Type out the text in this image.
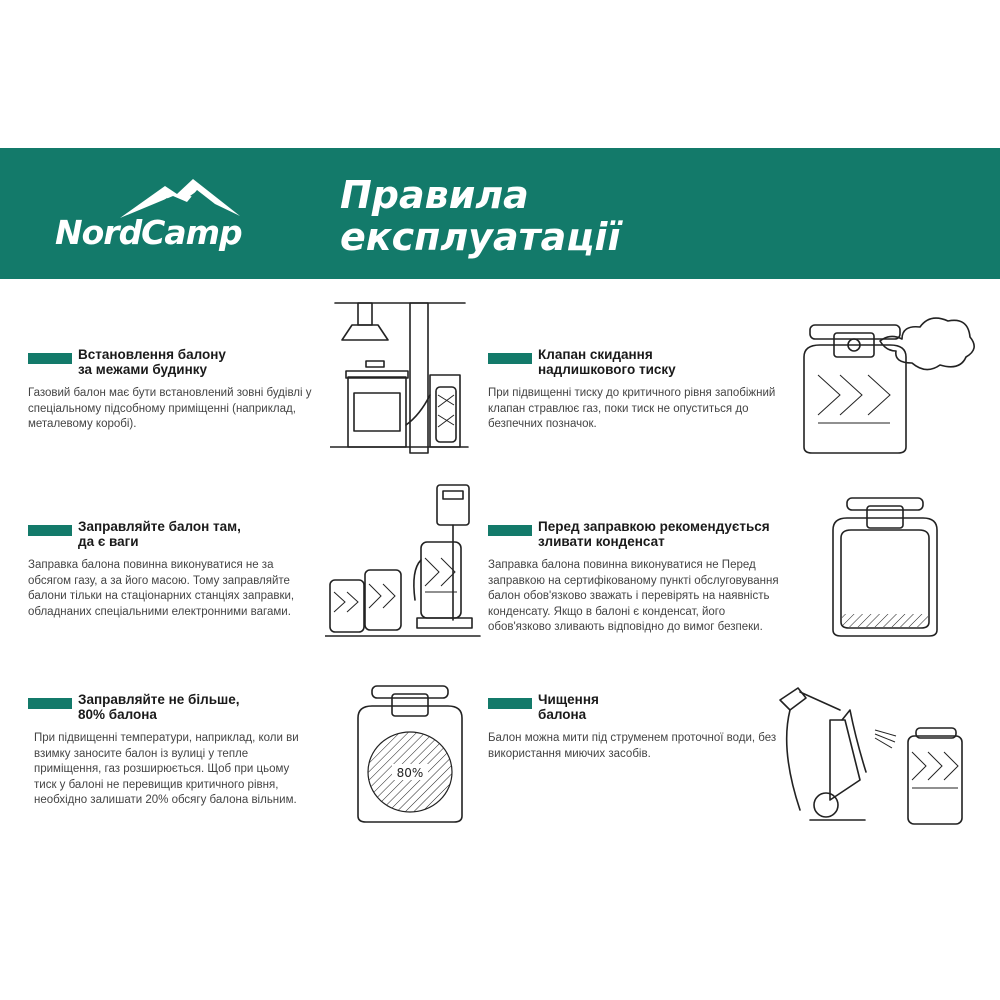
NordCamp
Правила
експлуатації
Встановлення балону
за межами будинку
Газовий балон має бути встановлений зовні будівлі у спеціальному підсобному приміщенні (наприклад, металевому коробі).
Клапан скидання
надлишкового тиску
При підвищенні тиску до критичного рівня запобіжний клапан стравлює газ, поки тиск не опуститься до безпечних позначок.
Заправляйте балон там,
да є ваги
Заправка балона повинна виконуватися не за обсягом газу, а за його масою. Тому заправляйте балони тільки на стаціонарних станціях заправки, обладнаних спеціальними електронними вагами.
Перед заправкою рекомендується
зливати конденсат
Заправка балона повинна виконуватися не Перед заправкою на сертифікованому пункті обслуговування балон обов'язково зважать і перевірять на наявність конденсату. Якщо в балоні є конденсат, його обов'язково зливають відповідно до вимог безпеки.
Заправляйте не більше,
80% балона
При підвищенні температури, наприклад, коли ви взимку заносите балон із вулиці у тепле приміщення, газ розширюється. Щоб при цьому тиск у балоні не перевищив критичного рівня, необхідно залишати 20% обсягу балона вільним.
Чищення
балона
Балон можна мити під струменем проточної води, без використання миючих засобів.
80%
